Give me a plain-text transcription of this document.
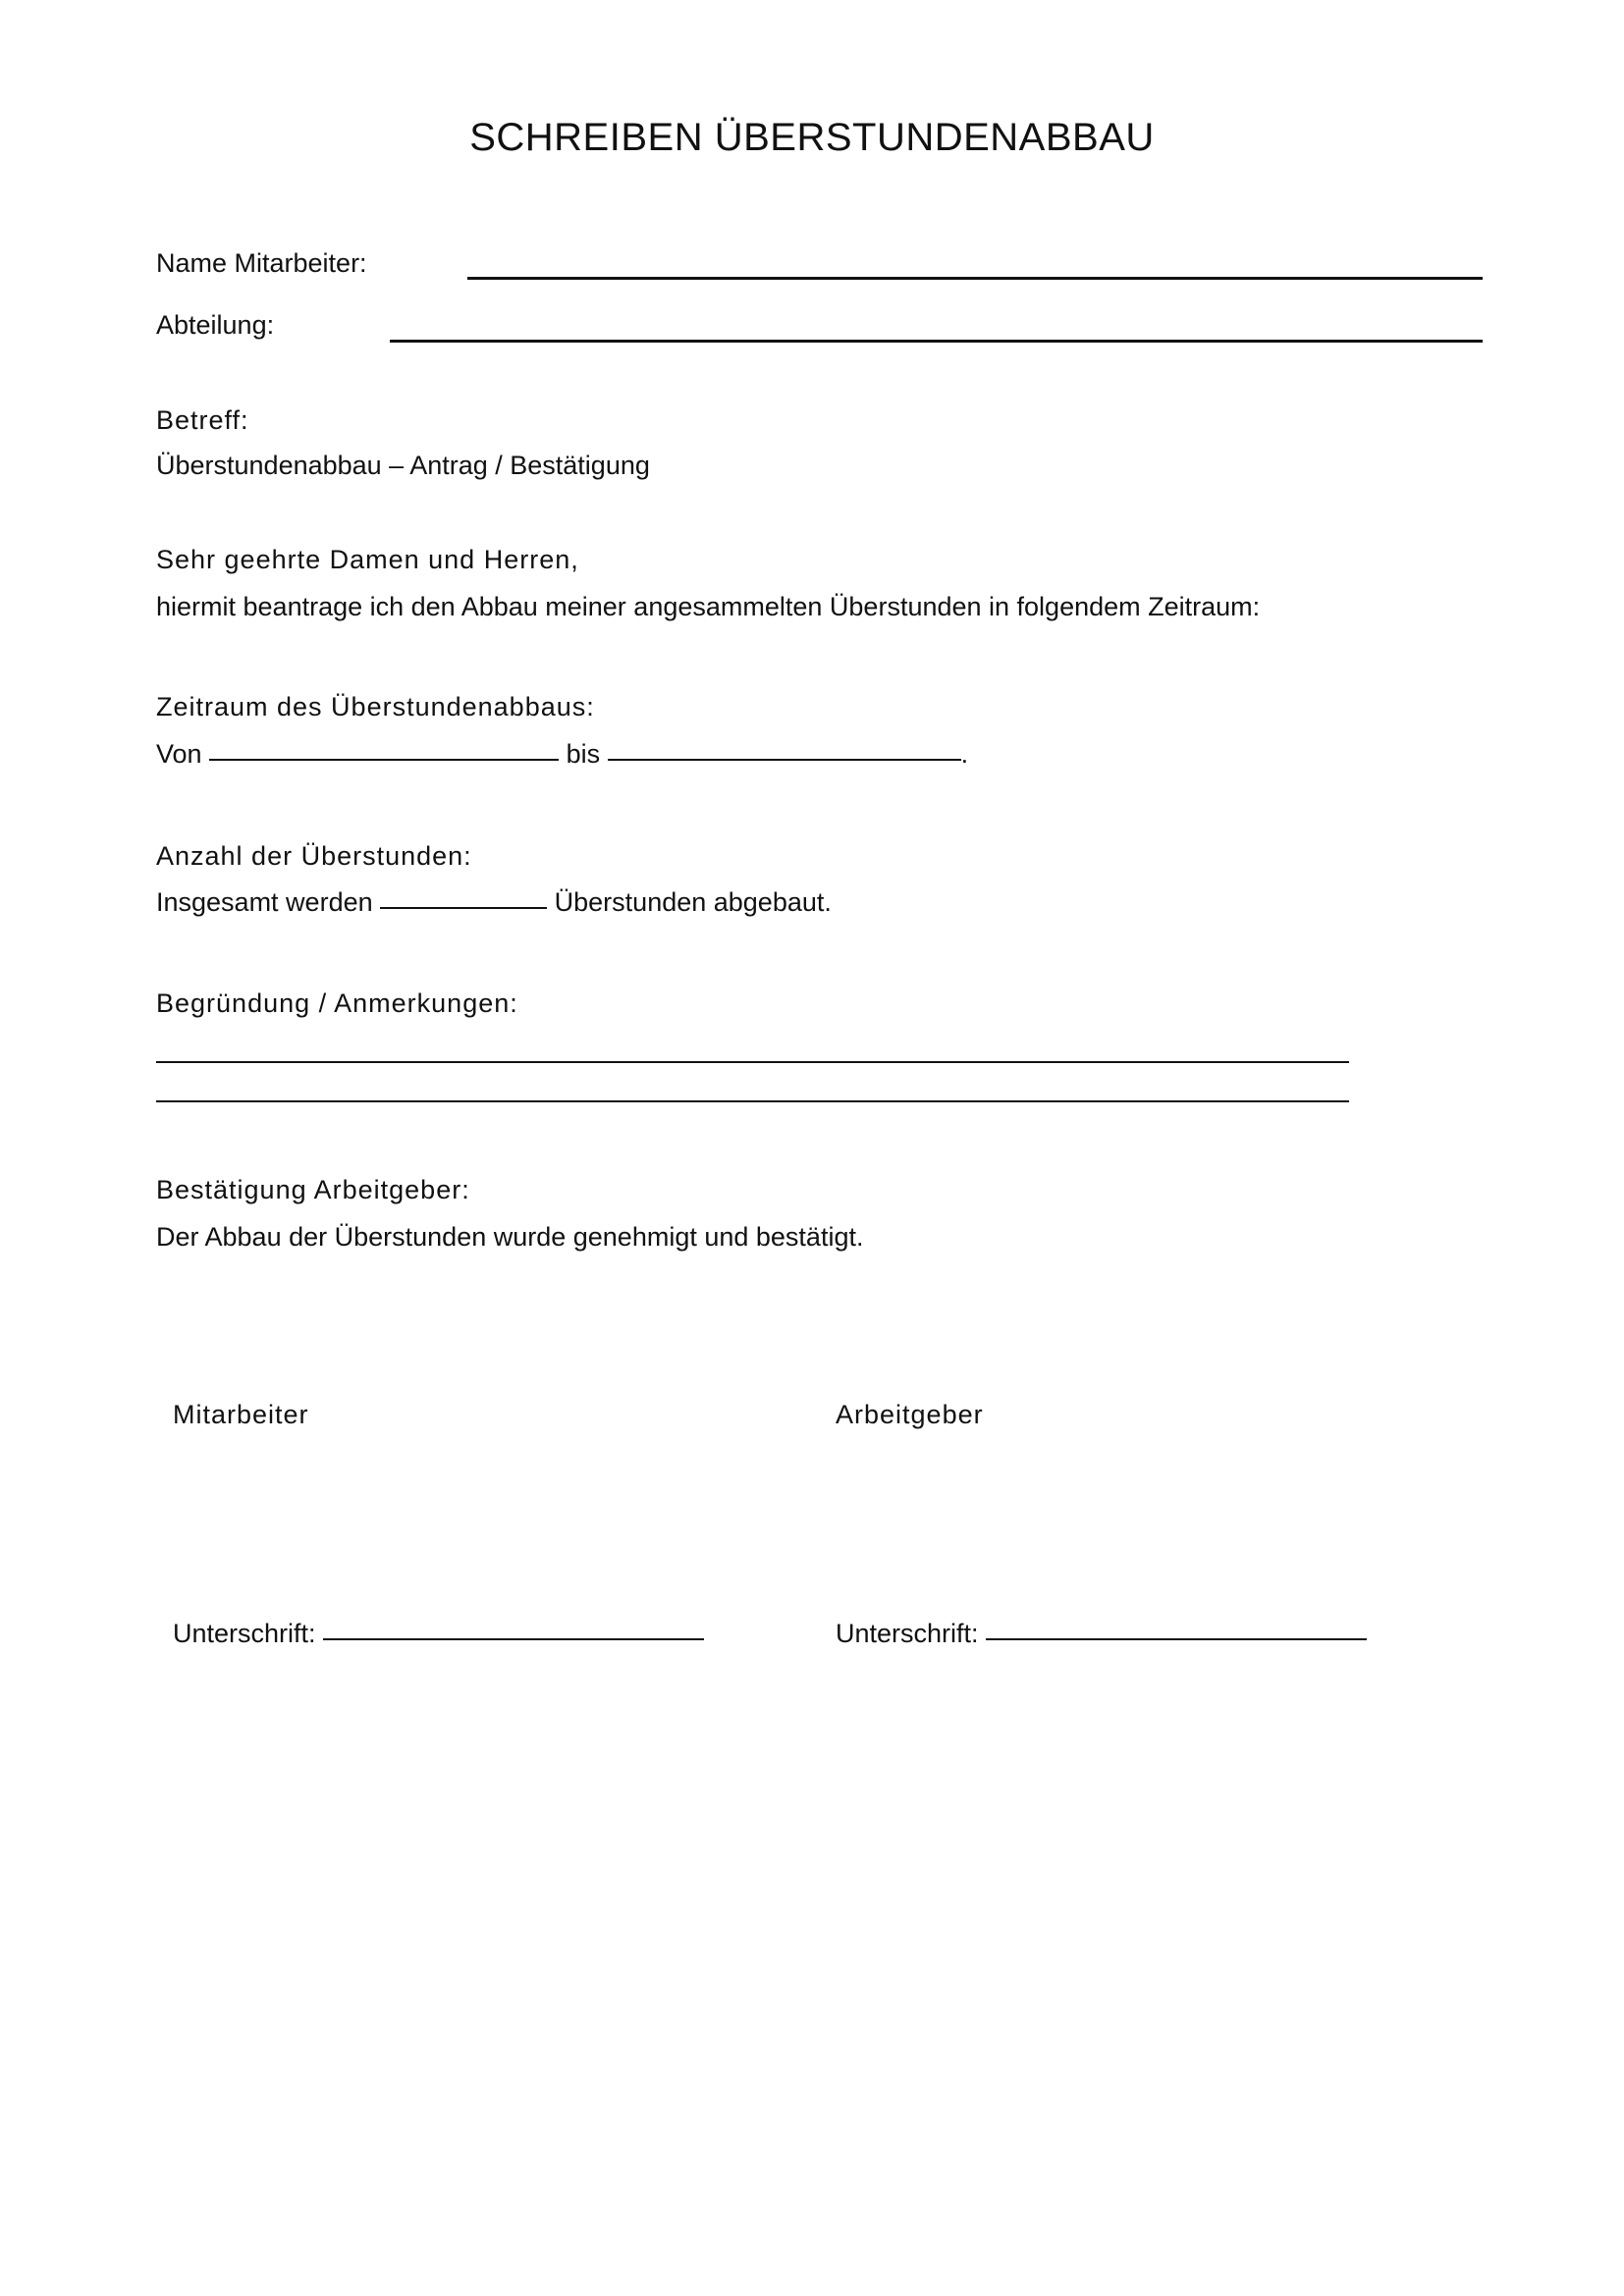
SCHREIBEN ÜBERSTUNDENABBAU
Name Mitarbeiter:
Abteilung:
Betreff:
Überstundenabbau – Antrag / Bestätigung
Sehr geehrte Damen und Herren,
hiermit beantrage ich den Abbau meiner angesammelten Überstunden in folgendem Zeitraum:
Zeitraum des Überstundenabbaus:
Von	bis	.
Anzahl der Überstunden:
Insgesamt werden	Überstunden abgebaut.
Begründung / Anmerkungen:
Bestätigung Arbeitgeber:
Der Abbau der Überstunden wurde genehmigt und bestätigt.
Mitarbeiter	Arbeitgeber
Unterschrift:	Unterschrift:
